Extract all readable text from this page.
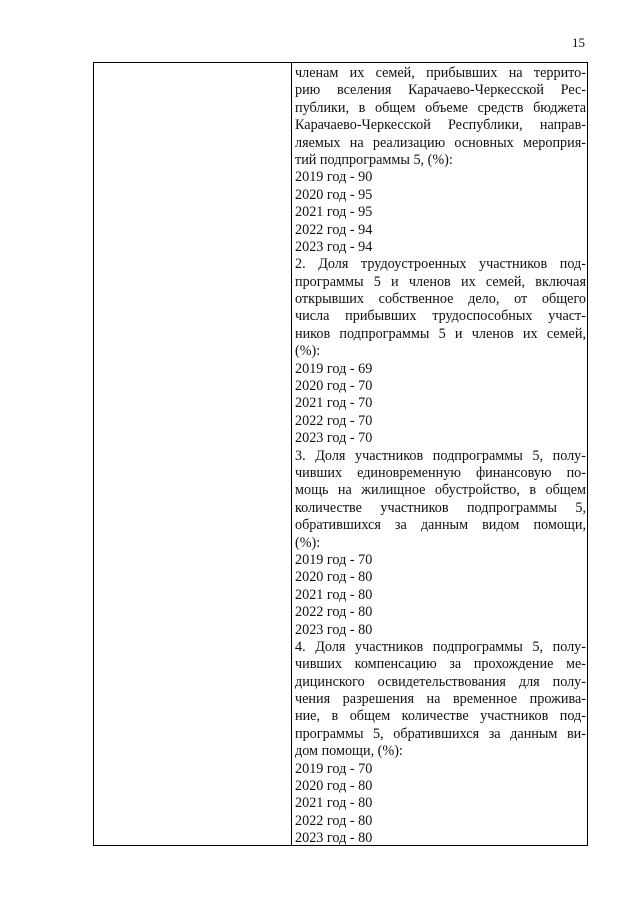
15
членам их семей, прибывших на террито-
рию вселения Карачаево-Черкесской Рес-
публики, в общем объеме средств бюджета
Карачаево-Черкесской Республики, направ-
ляемых на реализацию основных мероприя-
тий подпрограммы 5, (%):
2019 год - 90
2020 год - 95
2021 год - 95
2022 год - 94
2023 год - 94
2. Доля трудоустроенных участников под-
программы 5 и членов их семей, включая
открывших собственное дело, от общего
числа прибывших трудоспособных участ-
ников подпрограммы 5 и членов их семей,
(%):
2019 год - 69
2020 год - 70
2021 год - 70
2022 год - 70
2023 год - 70
3. Доля участников подпрограммы 5, полу-
чивших единовременную финансовую по-
мощь на жилищное обустройство, в общем
количестве участников подпрограммы 5,
обратившихся за данным видом помощи,
(%):
2019 год - 70
2020 год - 80
2021 год - 80
2022 год - 80
2023 год - 80
4. Доля участников подпрограммы 5, полу-
чивших компенсацию за прохождение ме-
дицинского освидетельствования для полу-
чения разрешения на временное прожива-
ние, в общем количестве участников под-
программы 5, обратившихся за данным ви-
дом помощи, (%):
2019 год - 70
2020 год - 80
2021 год - 80
2022 год - 80
2023 год - 80
